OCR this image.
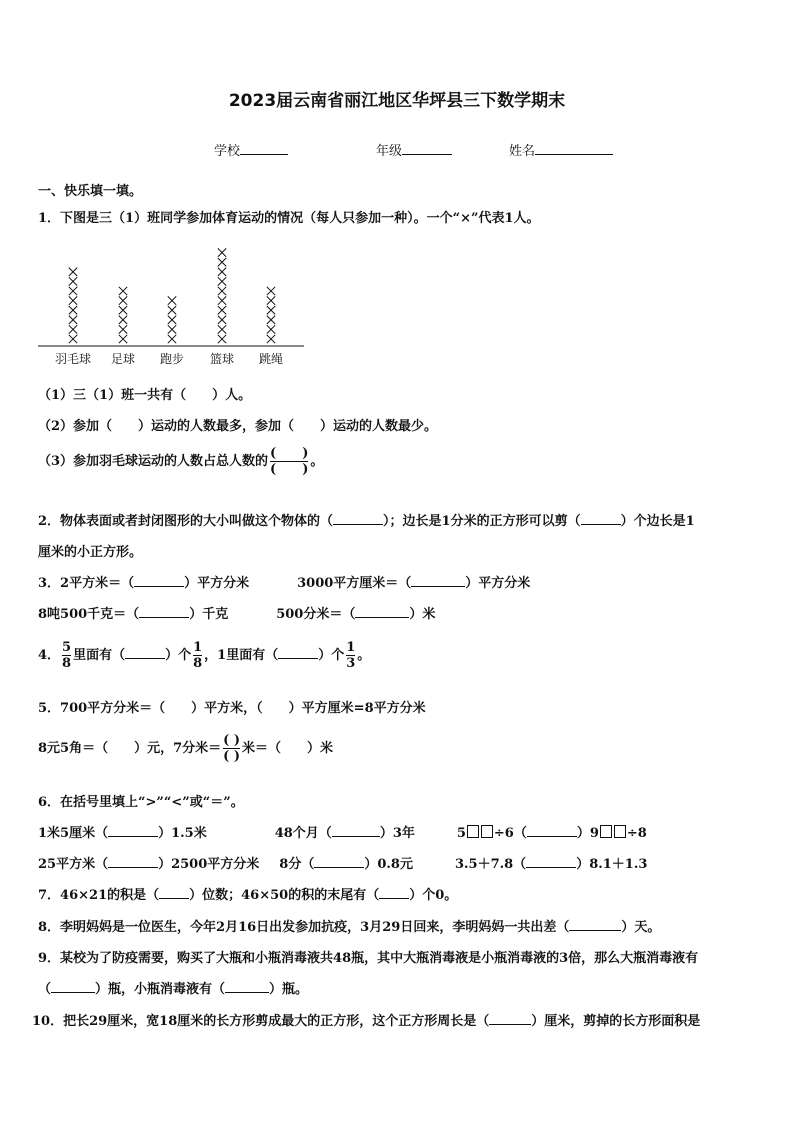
2023届云南省丽江地区华坪县三下数学期末
学校	年级	姓名
一、快乐填一填。
1．下图是三（1）班同学参加体育运动的情况（每人只参加一种）。一个“×”代表1人。
羽毛球 足球 跑步 篮球 跳绳
（1）三（1）班一共有（　　）人。
（2）参加（　　）运动的人数最多，参加（　　）运动的人数最少。
（3）参加羽毛球运动的人数占总人数的 $\frac{( )}{( )}$ 。
2．物体表面或者封闭图形的大小叫做这个物体的（	）；边长是1分米的正方形可以剪（	）个边长是1
厘米的小正方形。
3．2平方米＝（	）平方分米	3000平方厘米＝（	）平方分米
8吨500千克＝（	）千克	500分米＝（	）米
4． $\frac{5}{8}$ 里面有（	）个 $\frac{1}{8}$ ，1里面有（	）个 $\frac{1}{3}$ 。
5．700平方分米＝（　　）平方米，（　　）平方厘米=8平方分米
8元5角＝（　　）元，7分米＝ $\frac{( )}{( )}$ 米＝（　　）米
6．在括号里填上“>”“<”或“＝”。
1米5厘米（	）1.5米	48个月（	）3年	5 ÷6（	）9 ÷8
25平方米（	）2500平方分米 8分（	）0.8元	3.5＋7.8（	）8.1＋1.3
7．46×21的积是（ ）位数；46×50的积的末尾有（ ）个0。
8．李明妈妈是一位医生，今年2月16日出发参加抗疫，3月29日回来，李明妈妈一共出差（	）天。
9．某校为了防疫需要，购买了大瓶和小瓶消毒液共48瓶，其中大瓶消毒液是小瓶消毒液的3倍，那么大瓶消毒液有
（	）瓶，小瓶消毒液有（	）瓶。
10．把长29厘米，宽18厘米的长方形剪成最大的正方形，这个正方形周长是（	）厘米，剪掉的长方形面积是
